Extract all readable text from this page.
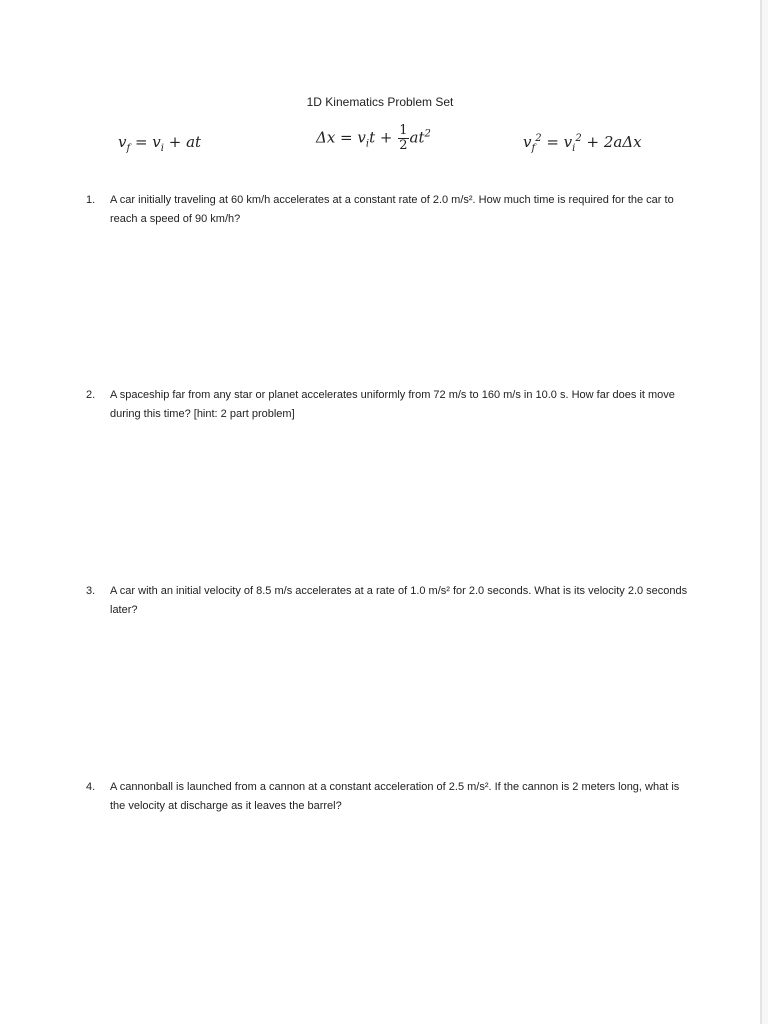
1D Kinematics Problem Set
$v_f = v_i$ + at	$\Delta x = v_it + \frac{1}{2} at^2$	$v_f^2 = v_i^2 + 2a\Delta x$
1. A car initially traveling at 60 km/h accelerates at a constant rate of 2.0 m/s². How much time is required for the car to reach a speed of 90 km/h?
2. A spaceship far from any star or planet accelerates uniformly from 72 m/s to 160 m/s in 10.0 s. How far does it move during this time? [hint: 2 part problem]
3. A car with an initial velocity of 8.5 m/s accelerates at a rate of 1.0 m/s² for 2.0 seconds. What is its velocity 2.0 seconds later?
4. A cannonball is launched from a cannon at a constant acceleration of 2.5 m/s². If the cannon is 2 meters long, what is the velocity at discharge as it leaves the barrel?
